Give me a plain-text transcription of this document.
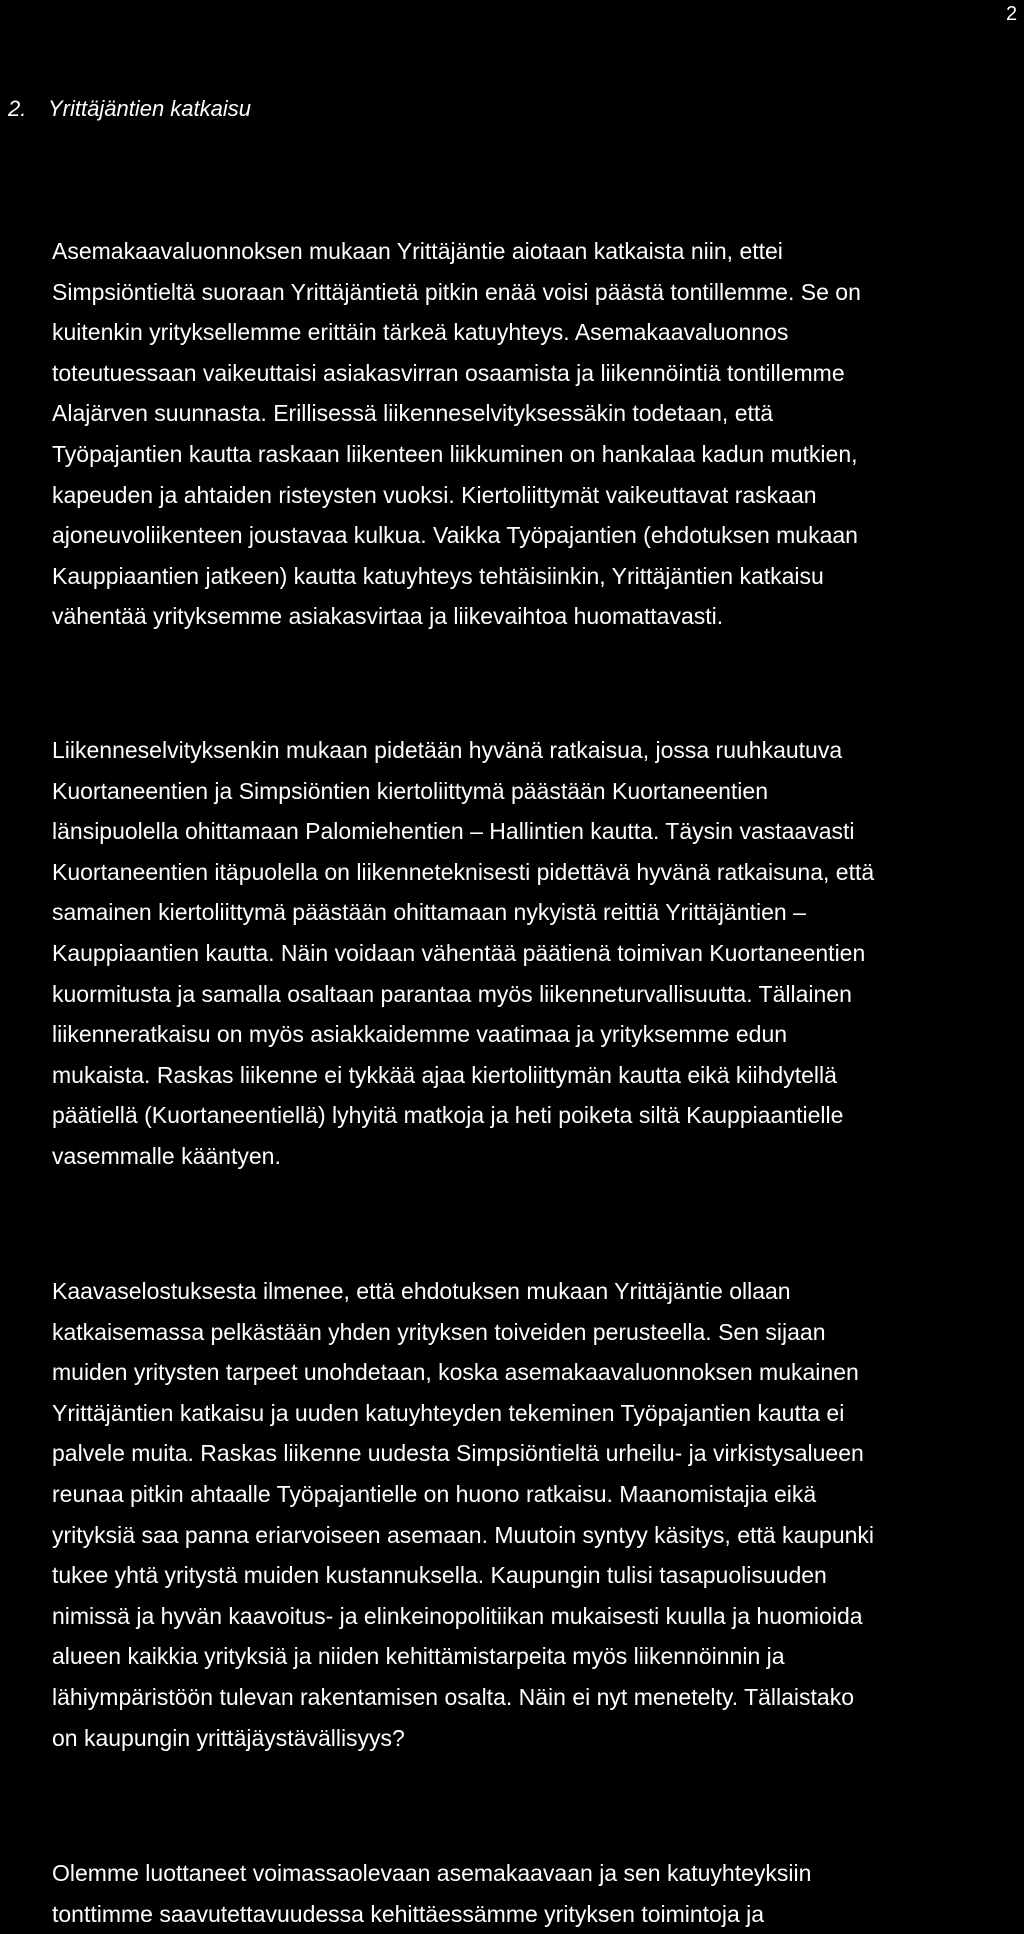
2
2. Yrittäjäntien katkaisu
Asemakaavaluonnoksen mukaan Yrittäjäntie aiotaan katkaista niin, ettei
Simpsiöntieltä suoraan Yrittäjäntietä pitkin enää voisi päästä tontillemme. Se on
kuitenkin yrityksellemme erittäin tärkeä katuyhteys. Asemakaavaluonnos
toteutuessaan vaikeuttaisi asiakasvirran osaamista ja liikennöintiä tontillemme
Alajärven suunnasta. Erillisessä liikenneselvityksessäkin todetaan, että
Työpajantien kautta raskaan liikenteen liikkuminen on hankalaa kadun mutkien,
kapeuden ja ahtaiden risteysten vuoksi. Kiertoliittymät vaikeuttavat raskaan
ajoneuvoliikenteen joustavaa kulkua. Vaikka Työpajantien (ehdotuksen mukaan
Kauppiaantien jatkeen) kautta katuyhteys tehtäisiinkin, Yrittäjäntien katkaisu
vähentää yrityksemme asiakasvirtaa ja liikevaihtoa huomattavasti.
Liikenneselvityksenkin mukaan pidetään hyvänä ratkaisua, jossa ruuhkautuva
Kuortaneentien ja Simpsiöntien kiertoliittymä päästään Kuortaneentien
länsipuolella ohittamaan Palomiehentien – Hallintien kautta. Täysin vastaavasti
Kuortaneentien itäpuolella on liikenneteknisesti pidettävä hyvänä ratkaisuna, että
samainen kiertoliittymä päästään ohittamaan nykyistä reittiä Yrittäjäntien –
Kauppiaantien kautta. Näin voidaan vähentää päätienä toimivan Kuortaneentien
kuormitusta ja samalla osaltaan parantaa myös liikenneturvallisuutta. Tällainen
liikenneratkaisu on myös asiakkaidemme vaatimaa ja yrityksemme edun
mukaista. Raskas liikenne ei tykkää ajaa kiertoliittymän kautta eikä kiihdytellä
päätiellä (Kuortaneentiellä) lyhyitä matkoja ja heti poiketa siltä Kauppiaantielle
vasemmalle kääntyen.
Kaavaselostuksesta ilmenee, että ehdotuksen mukaan Yrittäjäntie ollaan
katkaisemassa pelkästään yhden yrityksen toiveiden perusteella. Sen sijaan
muiden yritysten tarpeet unohdetaan, koska asemakaavaluonnoksen mukainen
Yrittäjäntien katkaisu ja uuden katuyhteyden tekeminen Työpajantien kautta ei
palvele muita. Raskas liikenne uudesta Simpsiöntieltä urheilu- ja virkistysalueen
reunaa pitkin ahtaalle Työpajantielle on huono ratkaisu. Maanomistajia eikä
yrityksiä saa panna eriarvoiseen asemaan. Muutoin syntyy käsitys, että kaupunki
tukee yhtä yritystä muiden kustannuksella. Kaupungin tulisi tasapuolisuuden
nimissä ja hyvän kaavoitus- ja elinkeinopolitiikan mukaisesti kuulla ja huomioida
alueen kaikkia yrityksiä ja niiden kehittämistarpeita myös liikennöinnin ja
lähiympäristöön tulevan rakentamisen osalta. Näin ei nyt menetelty. Tällaistako
on kaupungin yrittäjäystävällisyys?
Olemme luottaneet voimassaolevaan asemakaavaan ja sen katuyhteyksiin
tonttimme saavutettavuudessa kehittäessämme yrityksen toimintoja ja
